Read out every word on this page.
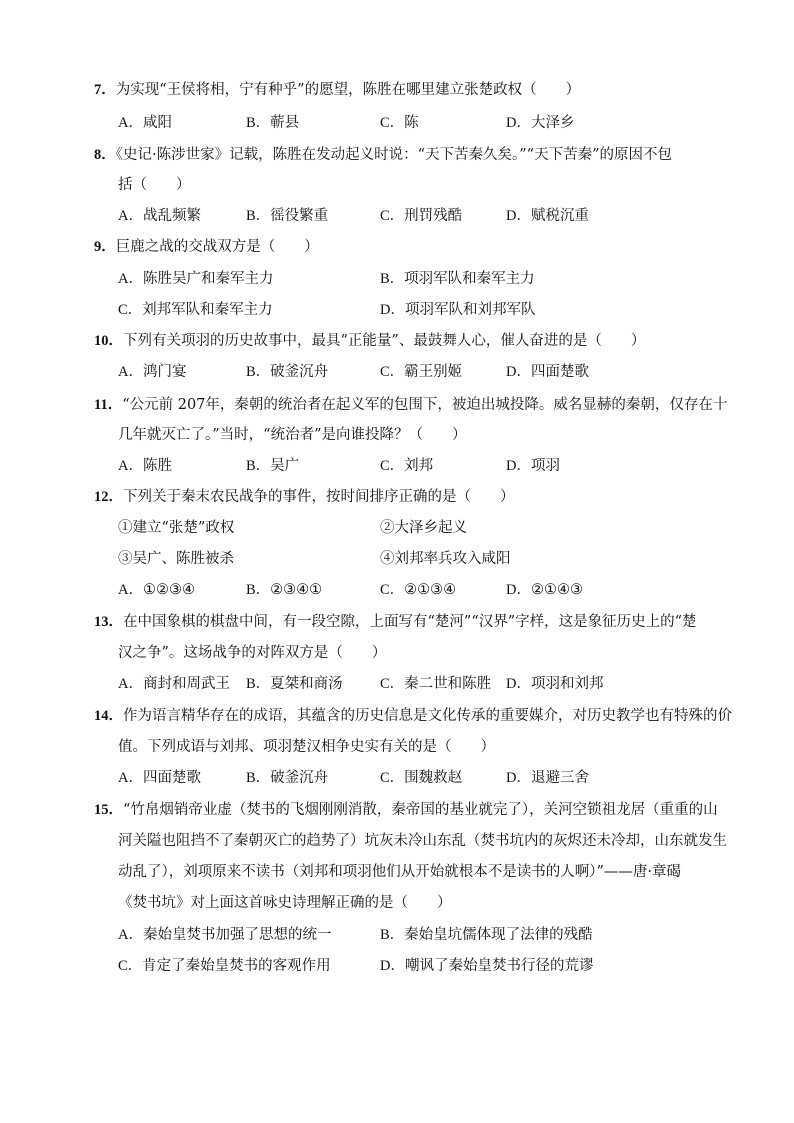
7．为实现“王侯将相，宁有种乎”的愿望，陈胜在哪里建立张楚政权（　　）
A．咸阳	B．蕲县	C．陈	D．大泽乡
8．《史记·陈涉世家》记载，陈胜在发动起义时说：“天下苦秦久矣。”“天下苦秦”的原因不包
括（　　）
A．战乱频繁	B．徭役繁重	C．刑罚残酷	D．赋税沉重
9．巨鹿之战的交战双方是（　　）
A．陈胜吴广和秦军主力	B．项羽军队和秦军主力
C．刘邦军队和秦军主力	D．项羽军队和刘邦军队
10．下列有关项羽的历史故事中，最具“正能量”、最鼓舞人心，催人奋进的是（　　）
A．鸿门宴	B．破釜沉舟	C．霸王别姬	D．四面楚歌
11．“公元前 207年，秦朝的统治者在起义军的包围下，被迫出城投降。威名显赫的秦朝，仅存在十
几年就灭亡了。”当时，“统治者”是向谁投降？（　　）
A．陈胜	B．吴广	C．刘邦	D．项羽
12．下列关于秦末农民战争的事件，按时间排序正确的是（　　）
①建立“张楚”政权	②大泽乡起义
③吴广、陈胜被杀	④刘邦率兵攻入咸阳
A．①②③④	B．②③④①	C．②①③④	D．②①④③
13．在中国象棋的棋盘中间，有一段空隙，上面写有“楚河”“汉界”字样，这是象征历史上的“楚
汉之争”。这场战争的对阵双方是（　　）
A．商封和周武王 B．夏桀和商汤	C．秦二世和陈胜 D．项羽和刘邦
14．作为语言精华存在的成语，其蕴含的历史信息是文化传承的重要媒介，对历史教学也有特殊的价
值。下列成语与刘邦、项羽楚汉相争史实有关的是（　　）
A．四面楚歌	B．破釜沉舟	C．围魏救赵	D．退避三舍
15．“竹帛烟销帝业虚（焚书的飞烟刚刚消散，秦帝国的基业就完了），关河空锁祖龙居（重重的山
河关隘也阻挡不了秦朝灭亡的趋势了）坑灰未冷山东乱（焚书坑内的灰烬还未冷却，山东就发生
动乱了），刘项原来不读书（刘邦和项羽他们从开始就根本不是读书的人啊）”——唐·章碣
《焚书坑》对上面这首咏史诗理解正确的是（　　）
A．秦始皇焚书加强了思想的统一	B．秦始皇坑儒体现了法律的残酷
C．肯定了秦始皇焚书的客观作用	D．嘲讽了秦始皇焚书行径的荒谬
